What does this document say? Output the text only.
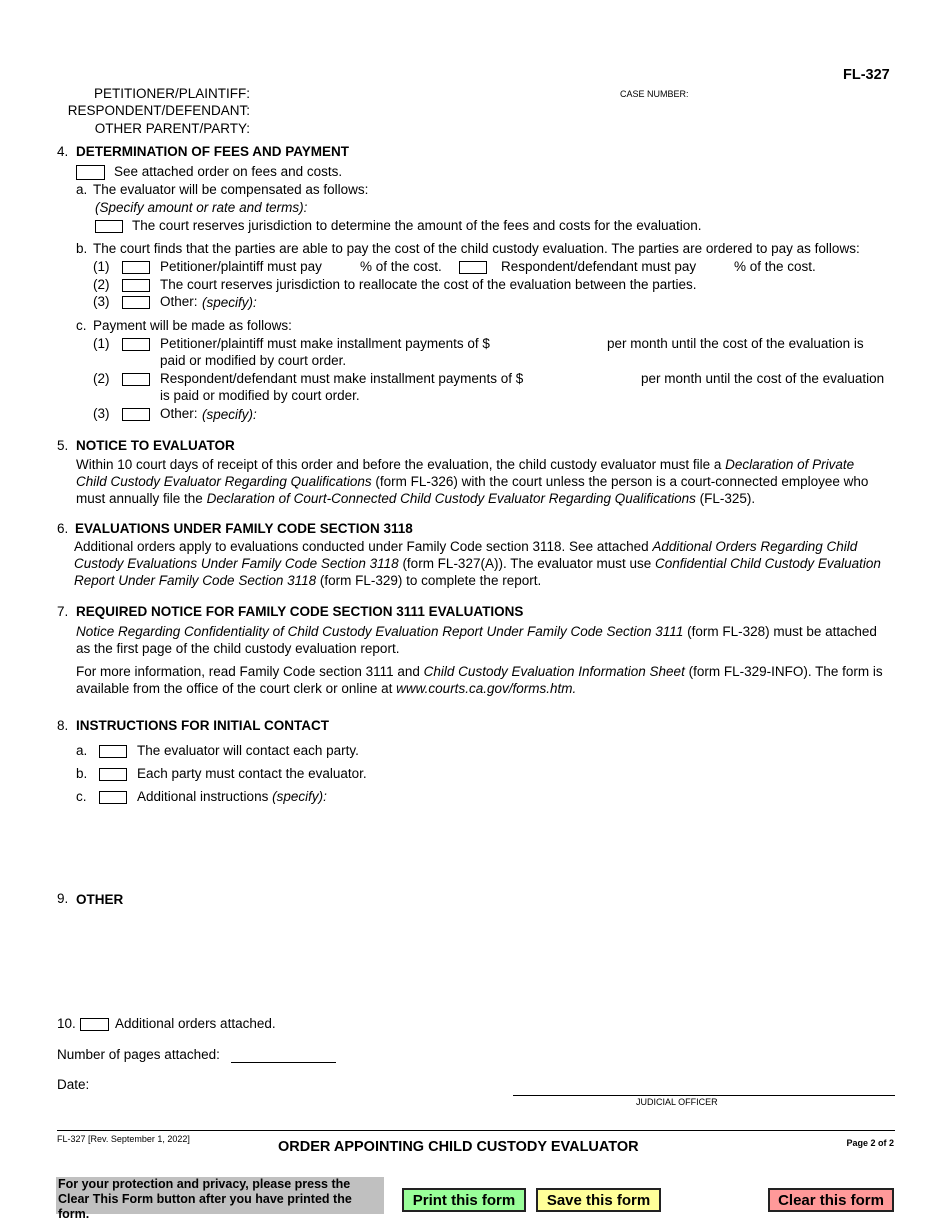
FL-327
PETITIONER/PLAINTIFF:
RESPONDENT/DEFENDANT:
OTHER PARENT/PARTY:
CASE NUMBER:
4. DETERMINATION OF FEES AND PAYMENT
See attached order on fees and costs.
a. The evaluator will be compensated as follows:
(Specify amount or rate and terms):
The court reserves jurisdiction to determine the amount of the fees and costs for the evaluation.
b. The court finds that the parties are able to pay the cost of the child custody evaluation. The parties are ordered to pay as follows:
(1)	Petitioner/plaintiff must pay	% of the cost.	Respondent/defendant must pay	% of the cost.
(2)	The court reserves jurisdiction to reallocate the cost of the evaluation between the parties.
(3)	Other: (specify):
c. Payment will be made as follows:
(1)	Petitioner/plaintiff must make installment payments of $	per month until the cost of the evaluation is
paid or modified by court order.
(2)	Respondent/defendant must make installment payments of $	per month until the cost of the evaluation
is paid or modified by court order.
(3)	Other: (specify):
5. NOTICE TO EVALUATOR
Within 10 court days of receipt of this order and before the evaluation, the child custody evaluator must file a Declaration of Private Child Custody Evaluator Regarding Qualifications (form FL-326) with the court unless the person is a court-connected employee who must annually file the Declaration of Court-Connected Child Custody Evaluator Regarding Qualifications (FL-325).
6. EVALUATIONS UNDER FAMILY CODE SECTION 3118
Additional orders apply to evaluations conducted under Family Code section 3118. See attached Additional Orders Regarding Child Custody Evaluations Under Family Code Section 3118 (form FL-327(A)). The evaluator must use Confidential Child Custody Evaluation Report Under Family Code Section 3118 (form FL-329) to complete the report.
7. REQUIRED NOTICE FOR FAMILY CODE SECTION 3111 EVALUATIONS
Notice Regarding Confidentiality of Child Custody Evaluation Report Under Family Code Section 3111 (form FL-328) must be attached as the first page of the child custody evaluation report.
For more information, read Family Code section 3111 and Child Custody Evaluation Information Sheet (form FL-329-INFO). The form is available from the office of the court clerk or online at www.courts.ca.gov/forms.htm.
8. INSTRUCTIONS FOR INITIAL CONTACT
a.	The evaluator will contact each party.
b.	Each party must contact the evaluator.
c.	Additional instructions (specify):
9. OTHER
10.	Additional orders attached.
Number of pages attached:
Date:
JUDICIAL OFFICER
FL-327 [Rev. September 1, 2022]	ORDER APPOINTING CHILD CUSTODY EVALUATOR	Page 2 of 2
For your protection and privacy, please press the Clear This Form button after you have printed the form.
Print this form	Save this form	Clear this form
